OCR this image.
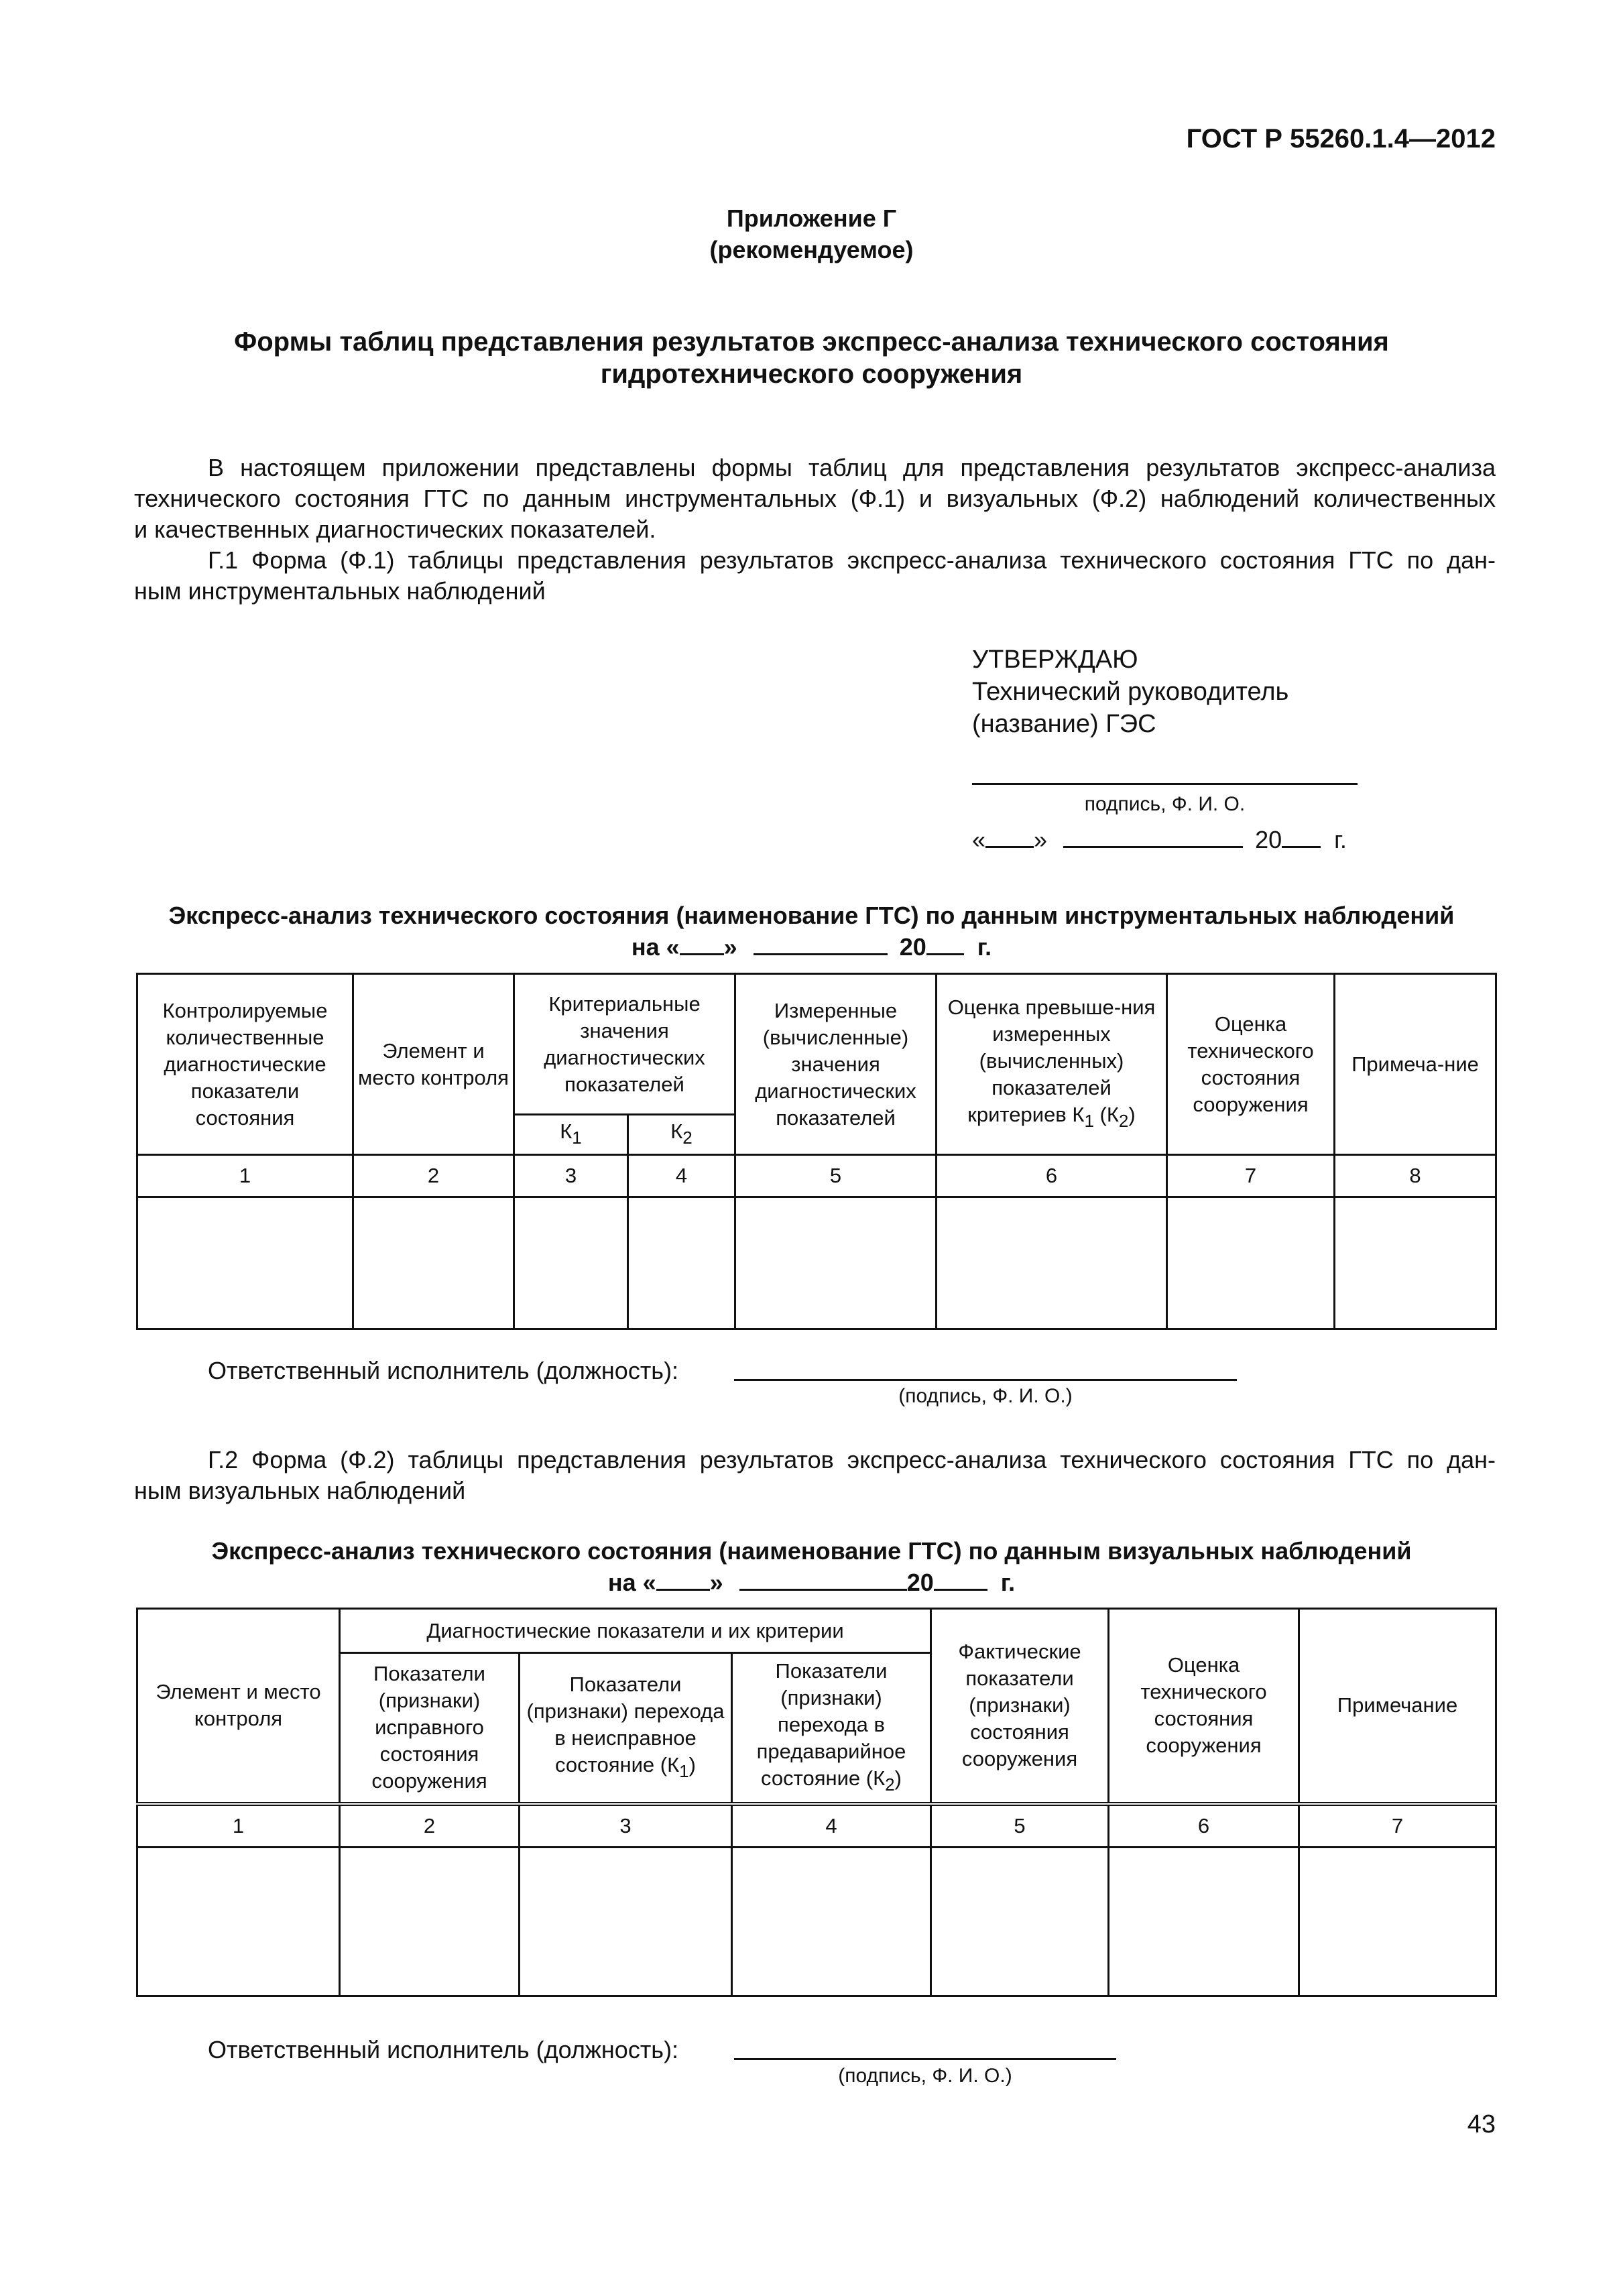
ГОСТ Р 55260.1.4—2012
Приложение Г
(рекомендуемое)
Формы таблиц представления результатов экспресс-анализа технического состояния
гидротехнического сооружения
В настоящем приложении представлены формы таблиц для представления результатов экспресс-анализа
технического состояния ГТС по данным инструментальных (Ф.1) и визуальных (Ф.2) наблюдений количественных
и качественных диагностических показателей.
Г.1 Форма (Ф.1) таблицы представления результатов экспресс-анализа технического состояния ГТС по дан-
ным инструментальных наблюдений
УТВЕРЖДАЮ
Технический руководитель
(название) ГЭС
подпись, Ф. И. О.
« »	20 г.
Экспресс-анализ технического состояния (наименование ГТС) по данным инструментальных наблюдений
на « »	20 г.
Контролируемые количественные диагностические показатели состояния	Элемент и место контроля	Критериальные значения диагностических показателей		Измеренные (вычисленные) значения диагностических показателей	Оценка превыше-ния измеренных (вычисленных) показателей критериев $К_1$ $(К_2)$	Оценка технического состояния сооружения	Примеча-ние
		$К_1$	$К_2$
1	2	3	4	5	6	7	8

Ответственный исполнитель (должность):
(подпись, Ф. И. О.)
Г.2 Форма (Ф.2) таблицы представления результатов экспресс-анализа технического состояния ГТС по дан-
ным визуальных наблюдений
Экспресс-анализ технического состояния (наименование ГТС) по данным визуальных наблюдений
на « »	20	г.
Элемент и место контроля	Диагностические показатели и их критерии			Фактические показатели (признаки) состояния сооружения	Оценка технического состояния сооружения	Примечание
	Показатели (признаки) исправного состояния сооружения	Показатели (признаки) перехода в неисправное состояние $(К_1)$	Показатели (признаки) перехода в предаварийное состояние $(К_2)$			
1	2	3	4	5	6	7

Ответственный исполнитель (должность):
(подпись, Ф. И. О.)
43
